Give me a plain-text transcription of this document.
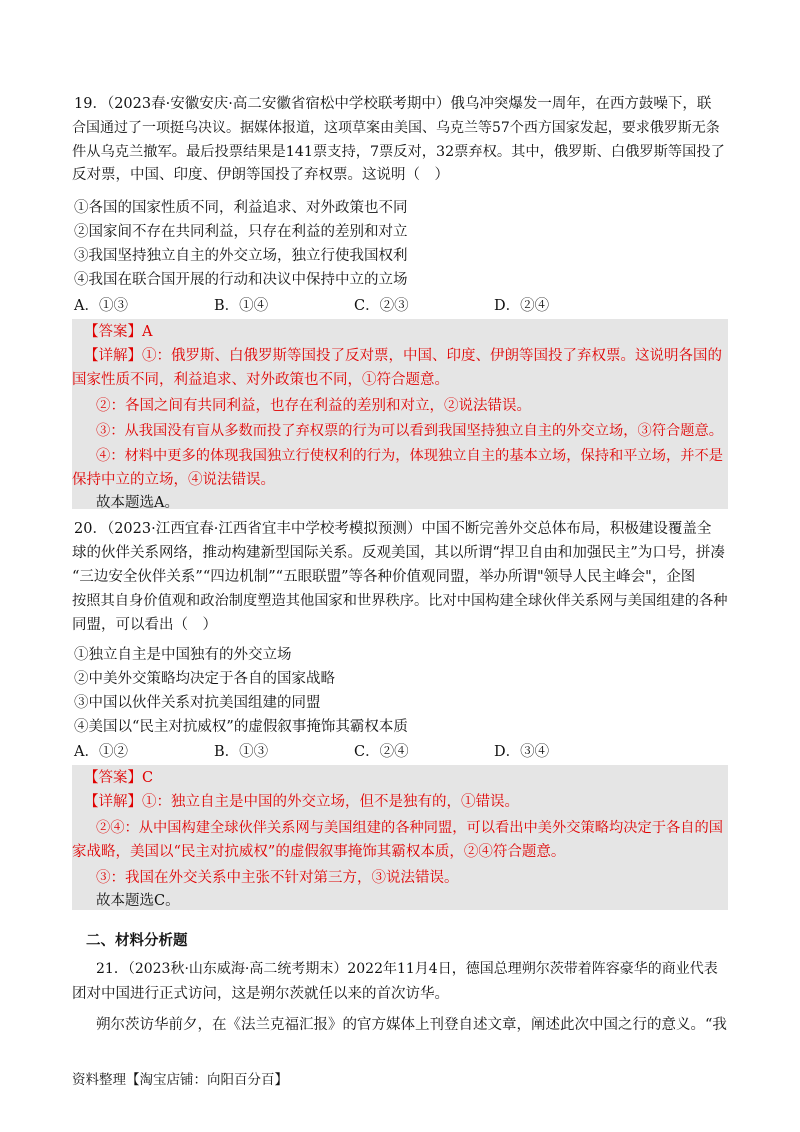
19．（2023春·安徽安庆·高二安徽省宿松中学校联考期中）俄乌冲突爆发一周年，在西方鼓噪下，联
合国通过了一项挺乌决议。据媒体报道，这项草案由美国、乌克兰等57个西方国家发起，要求俄罗斯无条
件从乌克兰撤军。最后投票结果是141票支持，7票反对，32票弃权。其中，俄罗斯、白俄罗斯等国投了
反对票，中国、印度、伊朗等国投了弃权票。这说明（　）
①各国的国家性质不同，利益追求、对外政策也不同
②国家间不存在共同利益，只存在利益的差别和对立
③我国坚持独立自主的外交立场，独立行使我国权利
④我国在联合国开展的行动和决议中保持中立的立场
A．①③	B．①④	C．②③	D．②④
【答案】A
【详解】①：俄罗斯、白俄罗斯等国投了反对票，中国、印度、伊朗等国投了弃权票。这说明各国的
国家性质不同，利益追求、对外政策也不同，①符合题意。
②：各国之间有共同利益，也存在利益的差别和对立，②说法错误。
③：从我国没有盲从多数而投了弃权票的行为可以看到我国坚持独立自主的外交立场，③符合题意。
④：材料中更多的体现我国独立行使权利的行为，体现独立自主的基本立场，保持和平立场，并不是
保持中立的立场，④说法错误。
故本题选A。
20．（2023·江西宜春·江西省宜丰中学校考模拟预测）中国不断完善外交总体布局，积极建设覆盖全
球的伙伴关系网络，推动构建新型国际关系。反观美国，其以所谓“捍卫自由和加强民主”为口号，拼凑
“三边安全伙伴关系”“四边机制”“五眼联盟”等各种价值观同盟，举办所谓"领导人民主峰会"，企图
按照其自身价值观和政治制度塑造其他国家和世界秩序。比对中国构建全球伙伴关系网与美国组建的各种
同盟，可以看出（　）
①独立自主是中国独有的外交立场
②中美外交策略均决定于各自的国家战略
③中国以伙伴关系对抗美国组建的同盟
④美国以“民主对抗威权”的虚假叙事掩饰其霸权本质
A．①②	B．①③	C．②④	D．③④
【答案】C
【详解】①：独立自主是中国的外交立场，但不是独有的，①错误。
②④：从中国构建全球伙伴关系网与美国组建的各种同盟，可以看出中美外交策略均决定于各自的国
家战略，美国以“民主对抗威权”的虚假叙事掩饰其霸权本质，②④符合题意。
③：我国在外交关系中主张不针对第三方，③说法错误。
故本题选C。
二、材料分析题
21．（2023秋·山东威海·高二统考期末）2022年11月4日，德国总理朔尔茨带着阵容豪华的商业代表
团对中国进行正式访问，这是朔尔茨就任以来的首次访华。
朔尔茨访华前夕，在《法兰克福汇报》的官方媒体上刊登自述文章，阐述此次中国之行的意义。“我
资料整理【淘宝店铺：向阳百分百】
